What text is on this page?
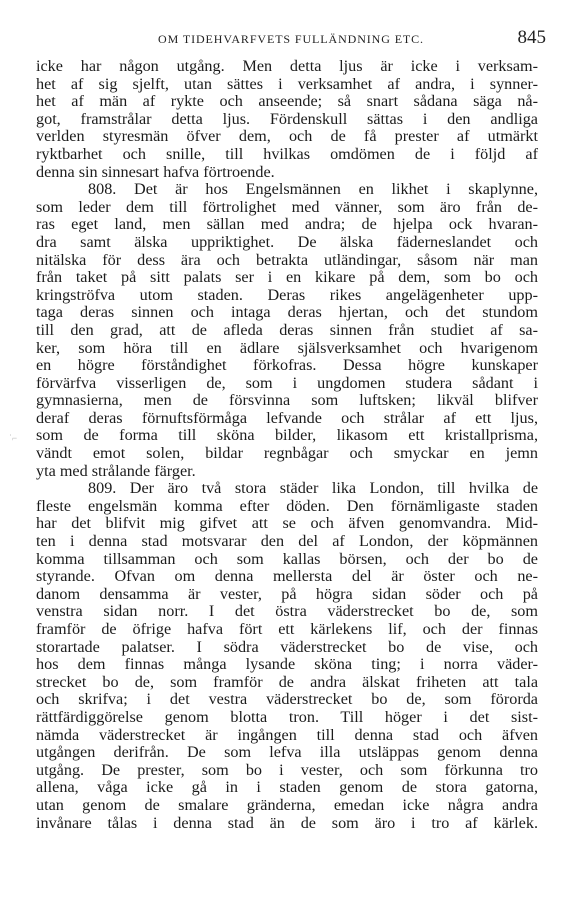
OM TIDEHVARFVETS FULLÄNDNING ETC.	845
ʾ⌐
icke har någon utgång. Men detta ljus är icke i verksam-
het af sig sjelft, utan sättes i verksamhet af andra, i synner-
het af män af rykte och anseende; så snart sådana säga nå-
got, framstrålar detta ljus. Fördenskull sättas i den andliga
verlden styresmän öfver dem, och de få prester af utmärkt
ryktbarhet och snille, till hvilkas omdömen de i följd af
denna sin sinnesart hafva förtroende.
808. Det är hos Engelsmännen en likhet i skaplynne,
som leder dem till förtrolighet med vänner, som äro från de-
ras eget land, men sällan med andra; de hjelpa ock hvaran-
dra samt älska uppriktighet. De älska fäderneslandet och
nitälska för dess ära och betrakta utländingar, såsom när man
från taket på sitt palats ser i en kikare på dem, som bo och
kringströfva utom staden. Deras rikes angelägenheter upp-
taga deras sinnen och intaga deras hjertan, och det stundom
till den grad, att de afleda deras sinnen från studiet af sa-
ker, som höra till en ädlare själsverksamhet och hvarigenom
en högre förståndighet förkofras. Dessa högre kunskaper
förvärfva visserligen de, som i ungdomen studera sådant i
gymnasierna, men de försvinna som luftsken; likväl blifver
deraf deras förnuftsförmåga lefvande och strålar af ett ljus,
som de forma till sköna bilder, likasom ett kristallprisma,
vändt emot solen, bildar regnbågar och smyckar en jemn
yta med strålande färger.
809. Der äro två stora städer lika London, till hvilka de
fleste engelsmän komma efter döden. Den förnämligaste staden
har det blifvit mig gifvet att se och äfven genomvandra. Mid-
ten i denna stad motsvarar den del af London, der köpmännen
komma tillsamman och som kallas börsen, och der bo de
styrande. Ofvan om denna mellersta del är öster och ne-
danom densamma är vester, på högra sidan söder och på
venstra sidan norr. I det östra väderstrecket bo de, som
framför de öfrige hafva fört ett kärlekens lif, och der finnas
storartade palatser. I södra väderstrecket bo de vise, och
hos dem finnas många lysande sköna ting; i norra väder-
strecket bo de, som framför de andra älskat friheten att tala
och skrifva; i det vestra väderstrecket bo de, som förorda
rättfärdiggörelse genom blotta tron. Till höger i det sist-
nämda väderstrecket är ingången till denna stad och äfven
utgången derifrån. De som lefva illa utsläppas genom denna
utgång. De prester, som bo i vester, och som förkunna tro
allena, våga icke gå in i staden genom de stora gatorna,
utan genom de smalare gränderna, emedan icke några andra
invånare tålas i denna stad än de som äro i tro af kärlek.
